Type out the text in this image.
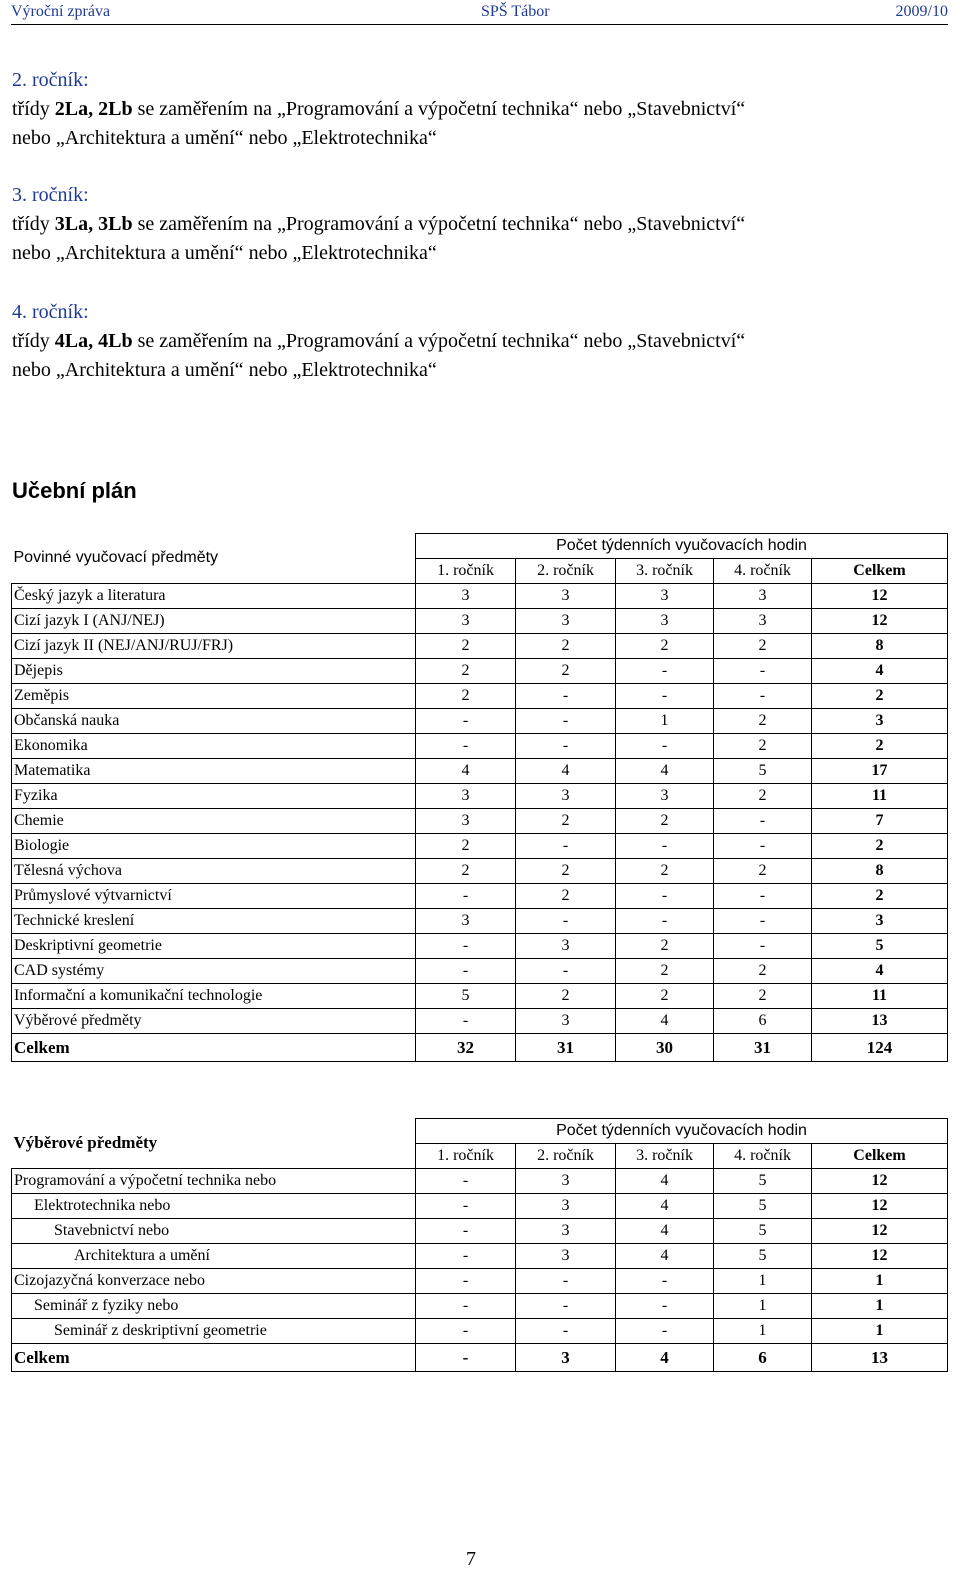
Výroční zpráva	SPŠ Tábor	2009/10
2. ročník:
třídy 2La, 2Lb se zaměřením na „Programování a výpočetní technika“ nebo „Stavebnictví“
nebo „Architektura a umění“ nebo „Elektrotechnika“
3. ročník:
třídy 3La, 3Lb se zaměřením na „Programování a výpočetní technika“ nebo „Stavebnictví“
nebo „Architektura a umění“ nebo „Elektrotechnika“
4. ročník:
třídy 4La, 4Lb se zaměřením na „Programování a výpočetní technika“ nebo „Stavebnictví“
nebo „Architektura a umění“ nebo „Elektrotechnika“
Učební plán
Povinné vyučovací předměty	Počet týdenních vyučovacích hodin				
	1. ročník	2. ročník	3. ročník	4. ročník	Celkem
Český jazyk a literatura	3	3	3	3	12
Cizí jazyk I (ANJ/NEJ)	3	3	3	3	12
Cizí jazyk II (NEJ/ANJ/RUJ/FRJ)	2	2	2	2	8
Dějepis	2	2	-	-	4
Zeměpis	2	-	-	-	2
Občanská nauka	-	-	1	2	3
Ekonomika	-	-	-	2	2
Matematika	4	4	4	5	17
Fyzika	3	3	3	2	11
Chemie	3	2	2	-	7
Biologie	2	-	-	-	2
Tělesná výchova	2	2	2	2	8
Průmyslové výtvarnictví	-	2	-	-	2
Technické kreslení	3	-	-	-	3
Deskriptivní geometrie	-	3	2	-	5
CAD systémy	-	-	2	2	4
Informační a komunikační technologie	5	2	2	2	11
Výběrové předměty	-	3	4	6	13
Celkem	32	31	30	31	124
Výběrové předměty	Počet týdenních vyučovacích hodin				
	1. ročník	2. ročník	3. ročník	4. ročník	Celkem
Programování a výpočetní technika nebo	-	3	4	5	12
Elektrotechnika nebo	-	3	4	5	12
Stavebnictví nebo	-	3	4	5	12
Architektura a umění	-	3	4	5	12
Cizojazyčná konverzace nebo	-	-	-	1	1
Seminář z fyziky nebo	-	-	-	1	1
Seminář z deskriptivní geometrie	-	-	-	1	1
Celkem	-	3	4	6	13
7
